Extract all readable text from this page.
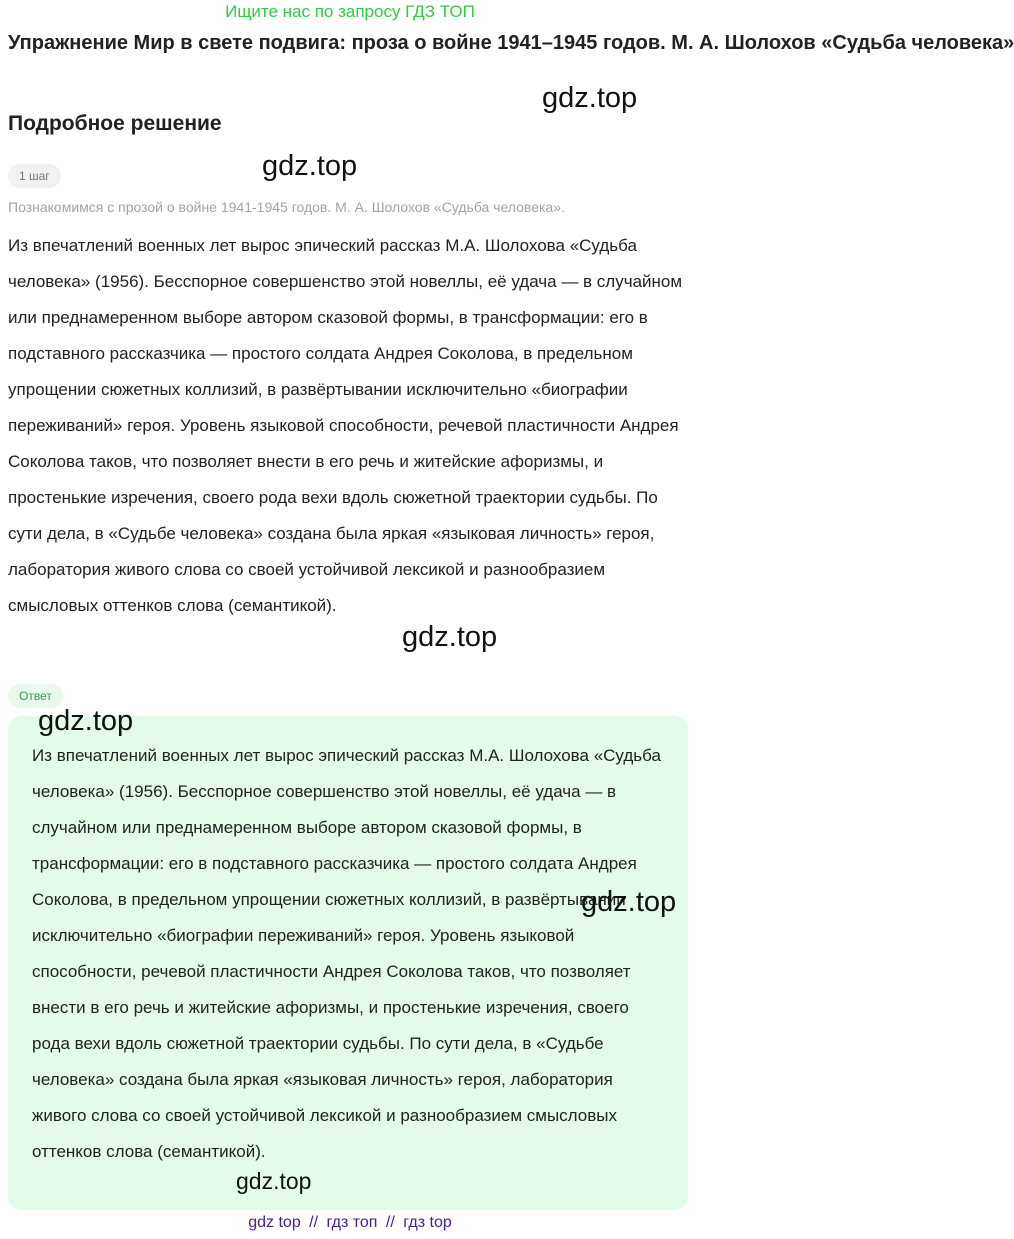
Ищите нас по запросу ГДЗ ТОП
Упражнение Мир в свете подвига: проза о войне 1941–1945 годов. М. А. Шолохов «Судьба человека»
gdz.top
Подробное решение
1 шаг	gdz.top
Познакомимся с прозой о войне 1941-1945 годов. М. А. Шолохов «Судьба человека».
Из впечатлений военных лет вырос эпический рассказ М.А. Шолохова «Судьба человека» (1956). Бесспорное совершенство этой новеллы, её удача — в случайном или преднамеренном выборе автором сказовой формы, в трансформации: его в подставного рассказчика — простого солдата Андрея Соколова, в предельном упрощении сюжетных коллизий, в развёртывании исключительно «биографии переживаний» героя. Уровень языковой способности, речевой пластичности Андрея Соколова таков, что позволяет внести в его речь и житейские афоризмы, и простенькие изречения, своего рода вехи вдоль сюжетной траектории судьбы. По сути дела, в «Судьбе человека» создана была яркая «языковая личность» героя, лаборатория живого слова со своей устойчивой лексикой и разнообразием смысловых оттенков слова (семантикой).
gdz.top
Ответ
Из впечатлений военных лет вырос эпический рассказ М.А. Шолохова «Судьба человека» (1956). Бесспорное совершенство этой новеллы, её удача — в случайном или преднамеренном выборе автором сказовой формы, в трансформации: его в подставного рассказчика — простого солдата Андрея Соколова, в предельном упрощении сюжетных коллизий, в развёртывании исключительно «биографии переживаний» героя. Уровень языковой способности, речевой пластичности Андрея Соколова таков, что позволяет внести в его речь и житейские афоризмы, и простенькие изречения, своего рода вехи вдоль сюжетной траектории судьбы. По сути дела, в «Судьбе человека» создана была яркая «языковая личность» героя, лаборатория живого слова со своей устойчивой лексикой и разнообразием смысловых оттенков слова (семантикой).
gdz.top
gdz.top
gdz.top
gdz top // гдз топ // гдз top
